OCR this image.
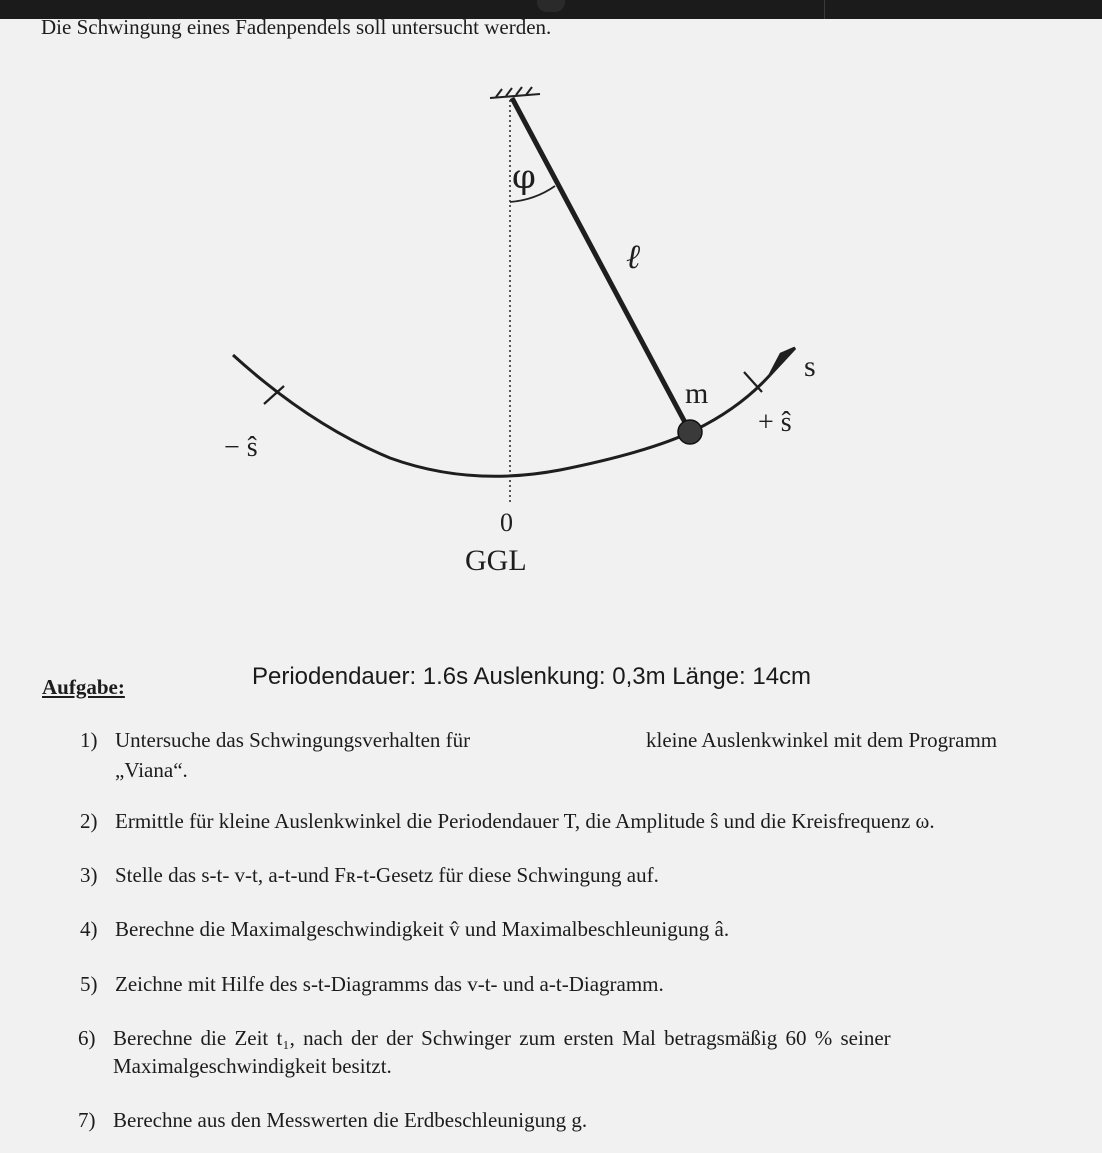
Die Schwingung eines Fadenpendels soll untersucht werden.
φ
ℓ
m
s
+ ŝ
− ŝ
0
GGL
Periodendauer: 1.6s Auslenkung: 0,3m Länge: 14cm
Aufgabe:
1) Untersuche das Schwingungsverhalten für	kleine Auslenkwinkel mit dem Programm
„Viana“.
2) Ermittle für kleine Auslenkwinkel die Periodendauer T, die Amplitude ŝ und die Kreisfrequenz ω.
3) Stelle das s-t- v-t, a-t-und Fʀ-t-Gesetz für diese Schwingung auf.
4) Berechne die Maximalgeschwindigkeit v̂ und Maximalbeschleunigung â.
5) Zeichne mit Hilfe des s-t-Diagramms das v-t- und a-t-Diagramm.
6) Berechne die Zeit t₁, nach der der Schwinger zum ersten Mal betragsmäßig 60 % seiner
Maximalgeschwindigkeit besitzt.
7) Berechne aus den Messwerten die Erdbeschleunigung g.
